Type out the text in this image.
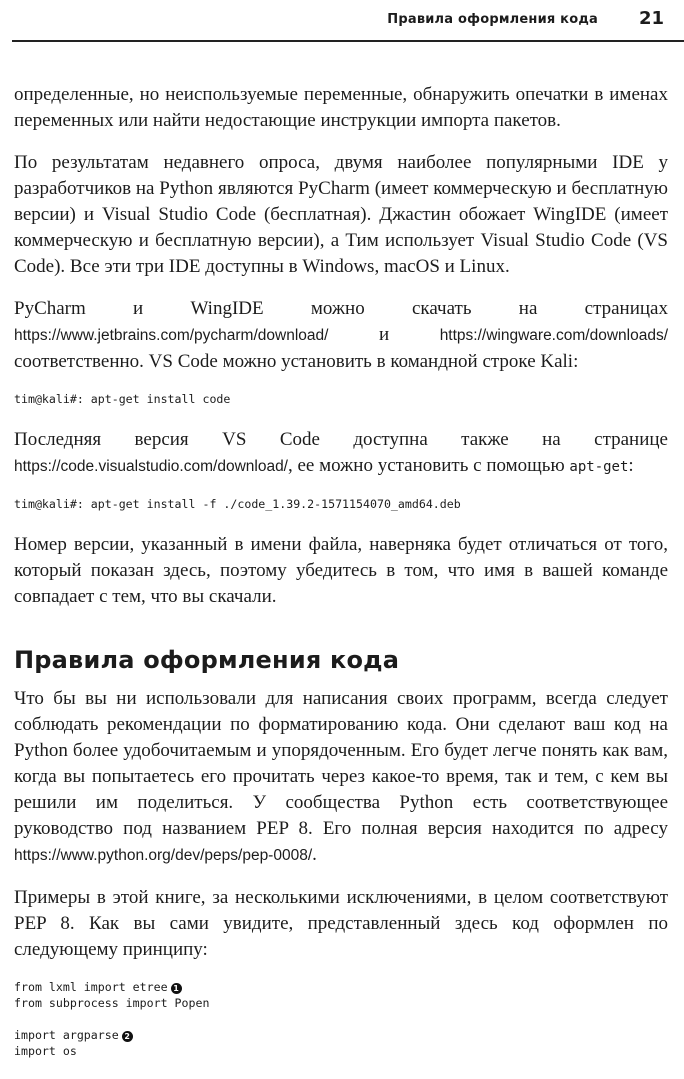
Правила оформления кода 21

определенные, но неиспользуемые переменные, обнаружить опечатки в именах переменных или найти недостающие инструкции импорта пакетов.

По результатам недавнего опроса, двумя наиболее популярными IDE у разработчиков на Python являются PyCharm (имеет коммерческую и бесплатную версии) и Visual Studio Code (бесплатная). Джастин обожает WingIDE (имеет коммерческую и бесплатную версии), а Тим использует Visual Studio Code (VS Code). Все эти три IDE доступны в Windows, macOS и Linux.

PyCharm и WingIDE можно скачать на страницах https://www.jetbrains.com/pycharm/download/ и https://wingware.com/downloads/ соответственно. VS Code можно установить в командной строке Kali:

tim@kali#: apt-get install code

Последняя версия VS Code доступна также на странице https://code.visualstudio.com/download/, ее можно установить с помощью apt-get:

tim@kali#: apt-get install -f ./code_1.39.2-1571154070_amd64.deb

Номер версии, указанный в имени файла, наверняка будет отличаться от того, который показан здесь, поэтому убедитесь в том, что имя в вашей команде совпадает с тем, что вы скачали.

Правила оформления кода

Что бы вы ни использовали для написания своих программ, всегда следует соблюдать рекомендации по форматированию кода. Они сделают ваш код на Python более удобочитаемым и упорядоченным. Его будет легче понять как вам, когда вы попытаетесь его прочитать через какое-то время, так и тем, с кем вы решили им поделиться. У сообщества Python есть соответствующее руководство под названием PEP 8. Его полная версия находится по адресу https://www.python.org/dev/peps/pep-0008/.

Примеры в этой книге, за несколькими исключениями, в целом соответствуют PEP 8. Как вы сами увидите, представленный здесь код оформлен по следующему принципу:

from lxml import etree 1
from subprocess import Popen
import argparse 2
import os
